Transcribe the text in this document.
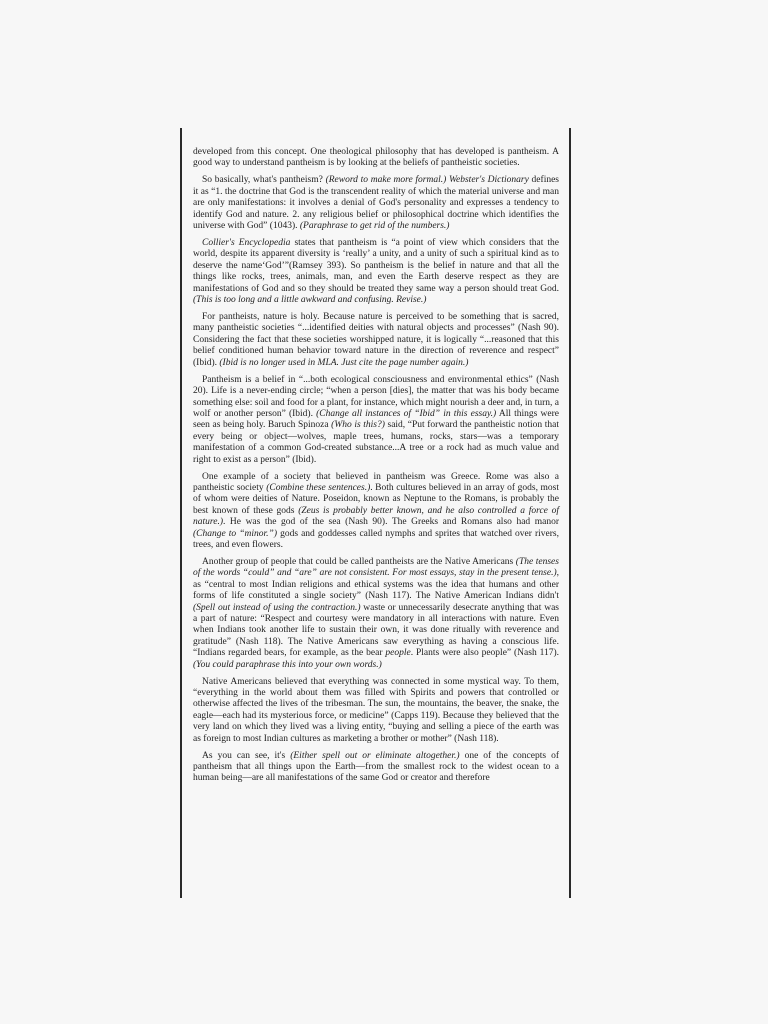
developed from this concept. One theological philosophy that has developed is pantheism. A good way to understand pantheism is by looking at the beliefs of pantheistic societies.

So basically, what's pantheism? (Reword to make more formal.) Webster's Dictionary defines it as “1. the doctrine that God is the transcendent reality of which the material universe and man are only manifestations: it involves a denial of God's personality and expresses a tendency to identify God and nature. 2. any religious belief or philosophical doctrine which identifies the universe with God” (1043). (Paraphrase to get rid of the numbers.)

Collier's Encyclopedia states that pantheism is “a point of view which considers that the world, despite its apparent diversity is ‘really’ a unity, and a unity of such a spiritual kind as to deserve the name‘God’”(Ramsey 393). So pantheism is the belief in nature and that all the things like rocks, trees, animals, man, and even the Earth deserve respect as they are manifestations of God and so they should be treated they same way a person should treat God. (This is too long and a little awkward and confusing. Revise.)

For pantheists, nature is holy. Because nature is perceived to be something that is sacred, many pantheistic societies “...identified deities with natural objects and processes” (Nash 90). Considering the fact that these societies worshipped nature, it is logically “...reasoned that this belief conditioned human behavior toward nature in the direction of reverence and respect” (Ibid). (Ibid is no longer used in MLA. Just cite the page number again.)

Pantheism is a belief in “...both ecological consciousness and environmental ethics” (Nash 20). Life is a never-ending circle; “when a person [dies], the matter that was his body became something else: soil and food for a plant, for instance, which might nourish a deer and, in turn, a wolf or another person” (Ibid). (Change all instances of “Ibid” in this essay.) All things were seen as being holy. Baruch Spinoza (Who is this?) said, “Put forward the pantheistic notion that every being or object—wolves, maple trees, humans, rocks, stars—was a temporary manifestation of a common God-created substance...A tree or a rock had as much value and right to exist as a person” (Ibid).

One example of a society that believed in pantheism was Greece. Rome was also a pantheistic society (Combine these sentences.). Both cultures believed in an array of gods, most of whom were deities of Nature. Poseidon, known as Neptune to the Romans, is probably the best known of these gods (Zeus is probably better known, and he also controlled a force of nature.). He was the god of the sea (Nash 90). The Greeks and Romans also had manor (Change to “minor.”) gods and goddesses called nymphs and sprites that watched over rivers, trees, and even flowers.

Another group of people that could be called pantheists are the Native Americans (The tenses of the words “could” and “are” are not consistent. For most essays, stay in the present tense.), as “central to most Indian religions and ethical systems was the idea that humans and other forms of life constituted a single society” (Nash 117). The Native American Indians didn't (Spell out instead of using the contraction.) waste or unnecessarily desecrate anything that was a part of nature: “Respect and courtesy were mandatory in all interactions with nature. Even when Indians took another life to sustain their own, it was done ritually with reverence and gratitude” (Nash 118). The Native Americans saw everything as having a conscious life. “Indians regarded bears, for example, as the bear people. Plants were also people” (Nash 117). (You could paraphrase this into your own words.)

Native Americans believed that everything was connected in some mystical way. To them, “everything in the world about them was filled with Spirits and powers that controlled or otherwise affected the lives of the tribesman. The sun, the mountains, the beaver, the snake, the eagle—each had its mysterious force, or medicine” (Capps 119). Because they believed that the very land on which they lived was a living entity, “buying and selling a piece of the earth was as foreign to most Indian cultures as marketing a brother or mother” (Nash 118).

As you can see, it's (Either spell out or eliminate altogether.) one of the concepts of pantheism that all things upon the Earth—from the smallest rock to the widest ocean to a human being—are all manifestations of the same God or creator and therefore
